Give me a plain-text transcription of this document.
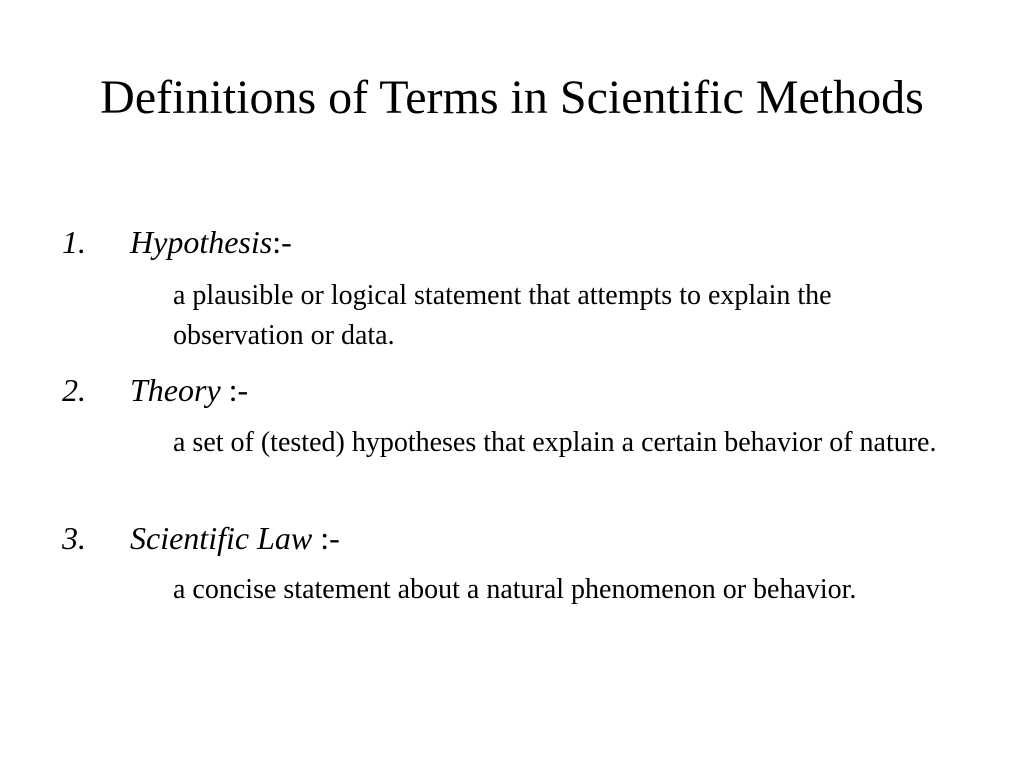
Definitions of Terms in Scientific Methods
1. Hypothesis:-
a plausible or logical statement that attempts to explain the observation or data.
2. Theory :-
a set of (tested) hypotheses that explain a certain behavior of nature.
3. Scientific Law :-
a concise statement about a natural phenomenon or behavior.
